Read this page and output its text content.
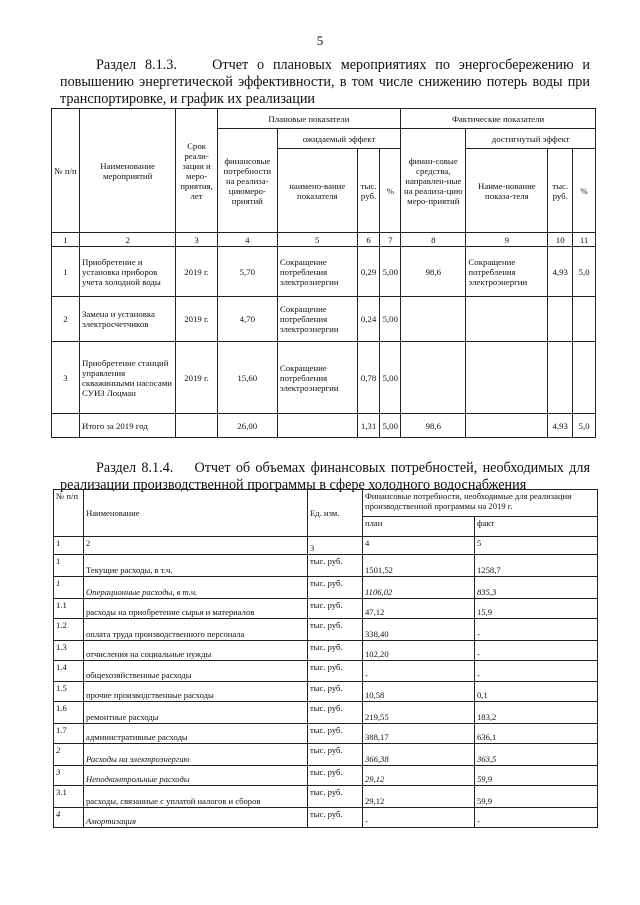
5
Раздел 8.1.3. Отчет о плановых мероприятиях по энергосбережению и повышению энергетической эффективности, в том числе снижению потерь воды при транспортировке, и график их реализации
№ п/п	Наименование мероприятий	Срок реали-зации и меро-приятия, лет	Плановые показатели				Фактические показатели			
			финансовые потребности на реализа-циюмеро-приятий	ожидаемый эффект			финан-совые средства, направлен-ные на реализа-цию меро-приятий	достигнутый эффект		
				наимено-вание показателя	тыс. руб.	%		Наиме-нование показа-теля	тыс. руб.	%
1	2	3	4	5	6	7	8	9	10	11
1	Приобретение и установка приборов учета холодной воды	2019 г.	5,70	Сокращение потребления электроэнергии	0,29	5,00	98,6	Сокращение потребления электроэнергии	4,93	5,0
2	Замена и установка электросчетчиков	2019 г.	4,70	Сокращение потребления электроэнергии	0,24	5,00				
3	Приобретение станций управления скважинными насосами СУИЗ Лоцман	2019 г.	15,60	Сокращение потребления электроэнергии	0,78	5,00				
	Итого за 2019 год		26,00		1,31	5,00	98,6		4,93	5,0
Раздел 8.1.4. Отчет об объемах финансовых потребностей, необходимых для реализации производственной программы в сфере холодного водоснабжения
№ п/п	Наименование	Ед. изм.	Финансовые потребности, необходимые для реализации производственной программы на 2019 г.	
			план	факт
1	2	3	4	5
1	Текущие расходы, в т.ч.	тыс. руб.	1501,52	1258,7
1	Операционные расходы, в т.ч.	тыс. руб.	1106,02	835,3
1.1	расходы на приобретение сырья и материалов	тыс. руб.	47,12	15,9
1.2	оплата труда производственного персонала	тыс. руб.	338,40	-
1.3	отчисления на социальные нужды	тыс. руб.	102,20	-
1.4	общехозяйственные расходы	тыс. руб.	-	-
1.5	прочие производственные расходы	тыс. руб.	10,58	0,1
1.6	ремонтные расходы	тыс. руб.	219,55	183,2
1.7	административные расходы	тыс. руб.	388,17	636,1
2	Расходы на электроэнергию	тыс. руб.	366,38	363,5
3	Неподконтрольные расходы	тыс. руб.	29,12	59,9
3.1	расходы, связанные с уплатой налогов и сборов	тыс. руб.	29,12	59,9
4	Амортизация	тыс. руб.	-	-
